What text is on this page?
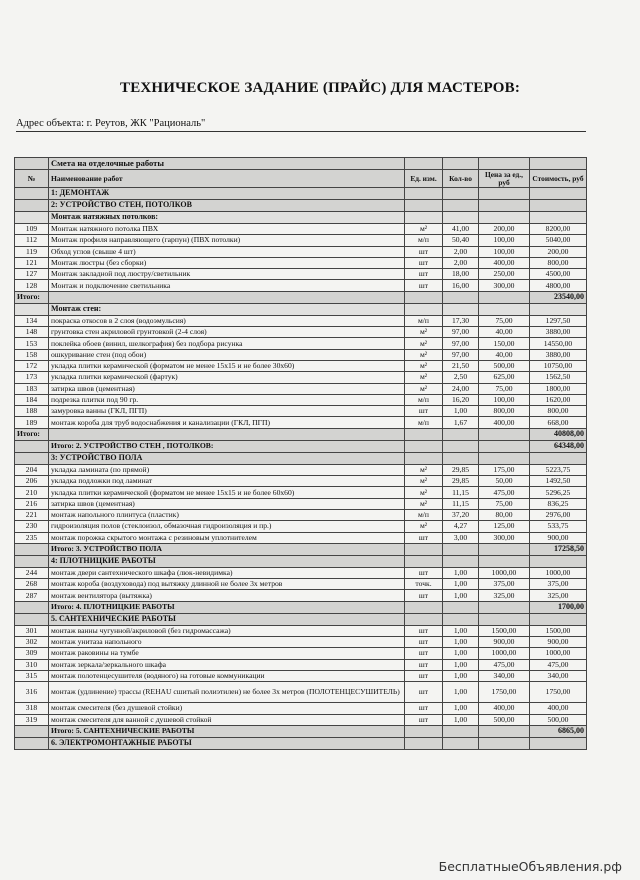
ТЕХНИЧЕСКОЕ ЗАДАНИЕ (ПРАЙС) ДЛЯ МАСТЕРОВ:
Адрес объекта: г. Реутов, ЖК "Рациональ"
	Смета на отделочные работы				
№	Наименование работ	Ед. изм.	Кол-во	Цена за ед., руб	Стоимость, руб
	1: ДЕМОНТАЖ				
	2: УСТРОЙСТВО СТЕН, ПОТОЛКОВ				
	Монтаж натяжных потолков:				
109	Монтаж натяжного потолка ПВХ	м²	41,00	200,00	8200,00
112	Монтаж профиля направляющего (гарпун) (ПВХ потолки)	м/п	50,40	100,00	5040,00
119	Обход углов (свыше 4 шт)	шт	2,00	100,00	200,00
121	Монтаж люстры (без сборки)	шт	2,00	400,00	800,00
127	Монтаж закладной под люстру/светильник	шт	18,00	250,00	4500,00
128	Монтаж и подключение светильника	шт	16,00	300,00	4800,00
Итого:					23540,00
	Монтаж стен:				
134	покраска откосов в 2 слоя (водоэмульсия)	м/п	17,30	75,00	1297,50
148	грунтовка стен акриловой грунтовкой (2-4 слоя)	м²	97,00	40,00	3880,00
153	поклейка обоев (винил, шелкография) без подбора рисунка	м²	97,00	150,00	14550,00
158	ошкуривание стен (под обои)	м²	97,00	40,00	3880,00
172	укладка плитки керамической (форматом не менее 15х15 и не более 30х60)	м²	21,50	500,00	10750,00
173	укладка плитки керамической (фартук)	м²	2,50	625,00	1562,50
183	затирка швов (цементная)	м²	24,00	75,00	1800,00
184	подрезка плитки под 90 гр.	м/п	16,20	100,00	1620,00
188	замуровка ванны (ГКЛ, ПГП)	шт	1,00	800,00	800,00
189	монтаж короба для труб водоснабжения и канализации (ГКЛ, ПГП)	м/п	1,67	400,00	668,00
Итого:					40808,00
	Итого: 2. УСТРОЙСТВО СТЕН , ПОТОЛКОВ:				64348,00
	3: УСТРОЙСТВО ПОЛА				
204	укладка ламината (по прямой)	м²	29,85	175,00	5223,75
206	укладка подложки под ламинат	м²	29,85	50,00	1492,50
210	укладка плитки керамической (форматом не менее 15х15 и не более 60х60)	м²	11,15	475,00	5296,25
216	затирка швов (цементная)	м²	11,15	75,00	836,25
221	монтаж напольного плинтуса (пластик)	м/п	37,20	80,00	2976,00
230	гидроизоляция полов (стеклоизол, обмазочная гидроизоляция и пр.)	м²	4,27	125,00	533,75
235	монтаж порожка скрытого монтажа с резиновым уплотнителем	шт	3,00	300,00	900,00
	Итого: 3. УСТРОЙСТВО ПОЛА				17258,50
	4: ПЛОТНИЦКИЕ РАБОТЫ				
244	монтаж двери сантехнического шкафа (люк-невидимка)	шт	1,00	1000,00	1000,00
268	монтаж короба (воздуховода) под вытяжку длинной не более 3х метров	точк.	1,00	375,00	375,00
287	монтаж вентилятора (вытяжка)	шт	1,00	325,00	325,00
	Итого: 4. ПЛОТНИЦКИЕ РАБОТЫ				1700,00
	5. САНТЕХНИЧЕСКИЕ РАБОТЫ				
301	монтаж ванны чугунной/акриловой (без гидромассажа)	шт	1,00	1500,00	1500,00
302	монтаж унитаза напольного	шт	1,00	900,00	900,00
309	монтаж раковины на тумбе	шт	1,00	1000,00	1000,00
310	монтаж зеркала/зеркального шкафа	шт	1,00	475,00	475,00
315	монтаж полотенцесушителя (водяного) на готовые коммуникации	шт	1,00	340,00	340,00
316	монтаж (удлинение) трассы (REHAU сшитый полиэтилен) не более 3х метров (ПОЛОТЕНЦЕСУШИТЕЛЬ)	шт	1,00	1750,00	1750,00
318	монтаж смесителя (без душевой стойки)	шт	1,00	400,00	400,00
319	монтаж смесителя для ванной с душевой стойкой	шт	1,00	500,00	500,00
	Итого: 5. САНТЕХНИЧЕСКИЕ РАБОТЫ				6865,00
	6. ЭЛЕКТРОМОНТАЖНЫЕ РАБОТЫ				
БесплатныеОбъявления.рф
